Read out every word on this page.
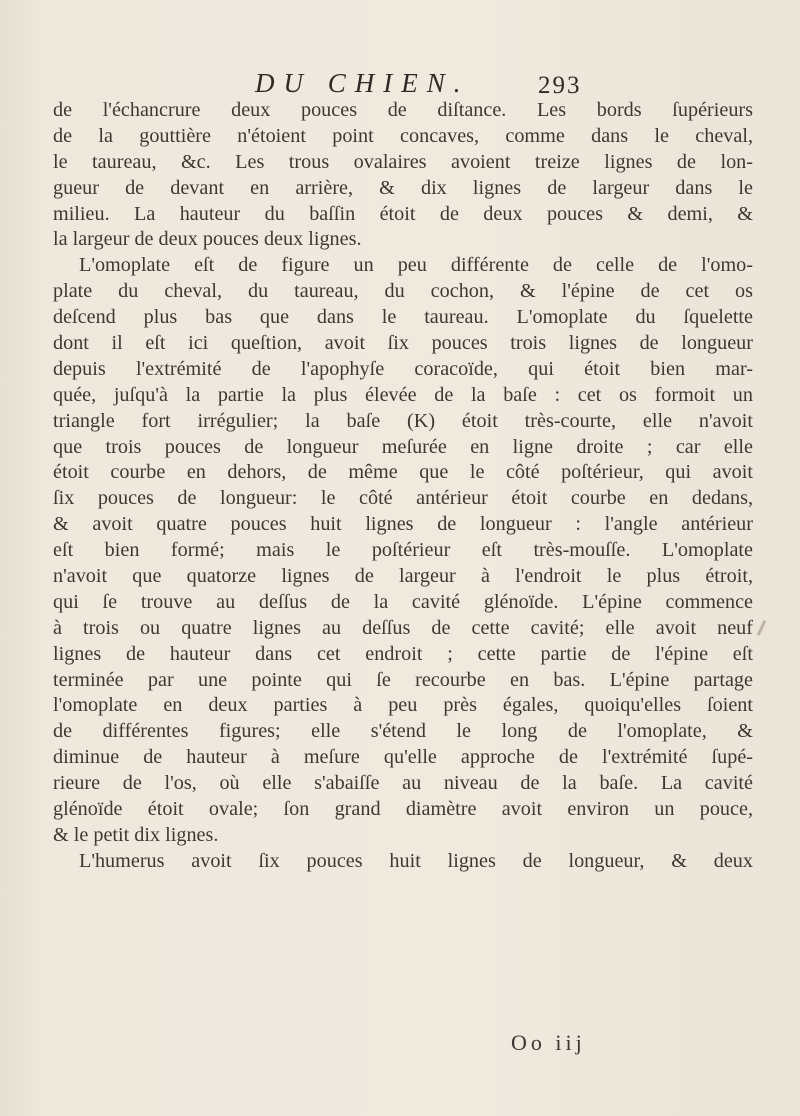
DU CHIEN.	293
de l'échancrure deux pouces de diſtance. Les bords ſupérieurs
de la gouttière n'étoient point concaves, comme dans le cheval,
le taureau, &c. Les trous ovalaires avoient treize lignes de lon-
gueur de devant en arrière, & dix lignes de largeur dans le
milieu. La hauteur du baſſin étoit de deux pouces & demi, &
la largeur de deux pouces deux lignes.
L'omoplate eſt de figure un peu différente de celle de l'omo-
plate du cheval, du taureau, du cochon, & l'épine de cet os
deſcend plus bas que dans le taureau. L'omoplate du ſquelette
dont il eſt ici queſtion, avoit ſix pouces trois lignes de longueur
depuis l'extrémité de l'apophyſe coracoïde, qui étoit bien mar-
quée, juſqu'à la partie la plus élevée de la baſe : cet os formoit un
triangle fort irrégulier; la baſe (K) étoit très-courte, elle n'avoit
que trois pouces de longueur meſurée en ligne droite ; car elle
étoit courbe en dehors, de même que le côté poſtérieur, qui avoit
ſix pouces de longueur: le côté antérieur étoit courbe en dedans,
& avoit quatre pouces huit lignes de longueur : l'angle antérieur
eſt bien formé; mais le poſtérieur eſt très-mouſſe. L'omoplate
n'avoit que quatorze lignes de largeur à l'endroit le plus étroit,
qui ſe trouve au deſſus de la cavité glénoïde. L'épine commence
à trois ou quatre lignes au deſſus de cette cavité; elle avoit neuf
lignes de hauteur dans cet endroit ; cette partie de l'épine eſt
terminée par une pointe qui ſe recourbe en bas. L'épine partage
l'omoplate en deux parties à peu près égales, quoiqu'elles ſoient
de différentes figures; elle s'étend le long de l'omoplate, &
diminue de hauteur à meſure qu'elle approche de l'extrémité ſupé-
rieure de l'os, où elle s'abaiſſe au niveau de la baſe. La cavité
glénoïde étoit ovale; ſon grand diamètre avoit environ un pouce,
& le petit dix lignes.
L'humerus avoit ſix pouces huit lignes de longueur, & deux
Oo iij
